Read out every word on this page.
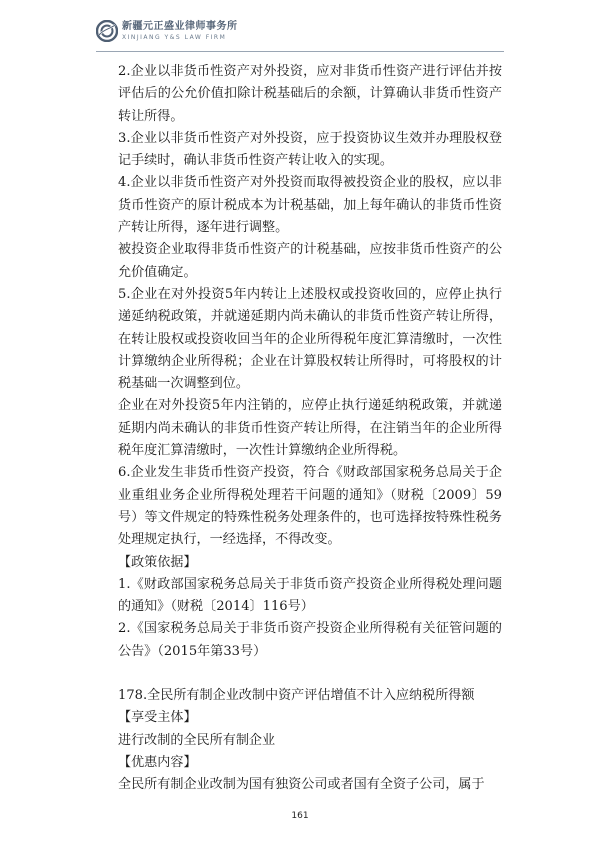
新疆元正盛业律师事务所
XINJIANG Y&S LAW FIRM

2.企业以非货币性资产对外投资，应对非货币性资产进行评估并按评估后的公允价值扣除计税基础后的余额，计算确认非货币性资产转让所得。

3.企业以非货币性资产对外投资，应于投资协议生效并办理股权登记手续时，确认非货币性资产转让收入的实现。

4.企业以非货币性资产对外投资而取得被投资企业的股权，应以非货币性资产的原计税成本为计税基础，加上每年确认的非货币性资产转让所得，逐年进行调整。

被投资企业取得非货币性资产的计税基础，应按非货币性资产的公允价值确定。

5.企业在对外投资5年内转让上述股权或投资收回的，应停止执行递延纳税政策，并就递延期内尚未确认的非货币性资产转让所得，在转让股权或投资收回当年的企业所得税年度汇算清缴时，一次性计算缴纳企业所得税；企业在计算股权转让所得时，可将股权的计税基础一次调整到位。

企业在对外投资5年内注销的，应停止执行递延纳税政策，并就递延期内尚未确认的非货币性资产转让所得，在注销当年的企业所得税年度汇算清缴时，一次性计算缴纳企业所得税。

6.企业发生非货币性资产投资，符合《财政部国家税务总局关于企业重组业务企业所得税处理若干问题的通知》（财税〔2009〕59号）等文件规定的特殊性税务处理条件的，也可选择按特殊性税务处理规定执行，一经选择，不得改变。

【政策依据】

1.《财政部国家税务总局关于非货币资产投资企业所得税处理问题的通知》（财税〔2014〕116号）

2.《国家税务总局关于非货币资产投资企业所得税有关征管问题的公告》（2015年第33号）

178.全民所有制企业改制中资产评估增值不计入应纳税所得额

【享受主体】

进行改制的全民所有制企业

【优惠内容】

全民所有制企业改制为国有独资公司或者国有全资子公司，属于

161
